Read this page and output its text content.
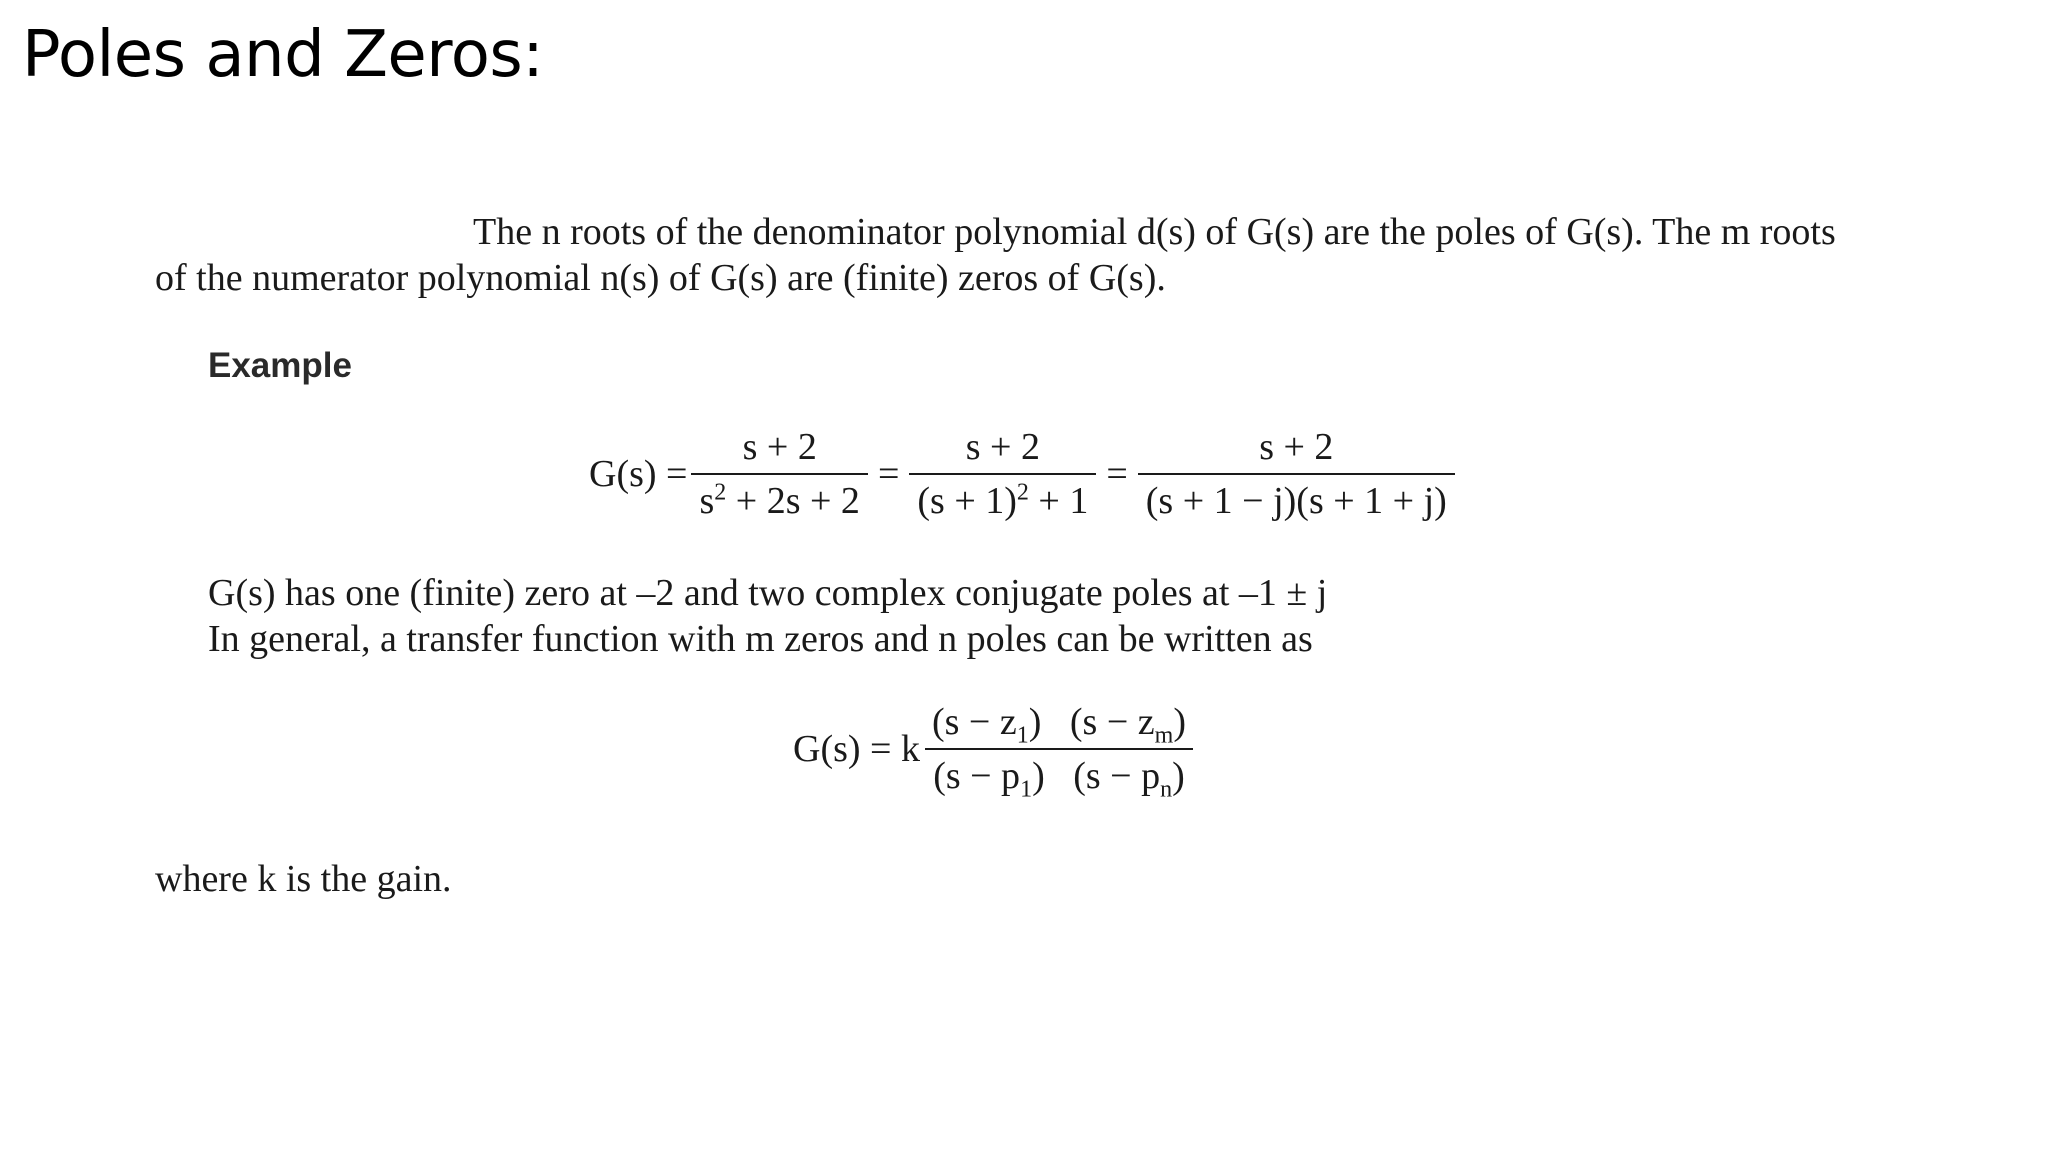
Poles and Zeros:

The n roots of the denominator polynomial d(s) of G(s) are the poles of G(s). The m roots
of the numerator polynomial n(s) of G(s) are (finite) zeros of G(s).

Example
$G(s) = \frac{s + 2}{s^2 + 2s + 2} = \frac{s + 2}{(s + 1)^2 + 1} = \frac{s + 2}{(s + 1 - j)(s + 1 + j)}$

G(s) has one (finite) zero at –2 and two complex conjugate poles at –1 ± j
In general, a transfer function with m zeros and n poles can be written as

G(s) = k $\frac{(s - z_1) (s - z_m)}{(s - p_1) (s - p_n)}$

where k is the gain.
